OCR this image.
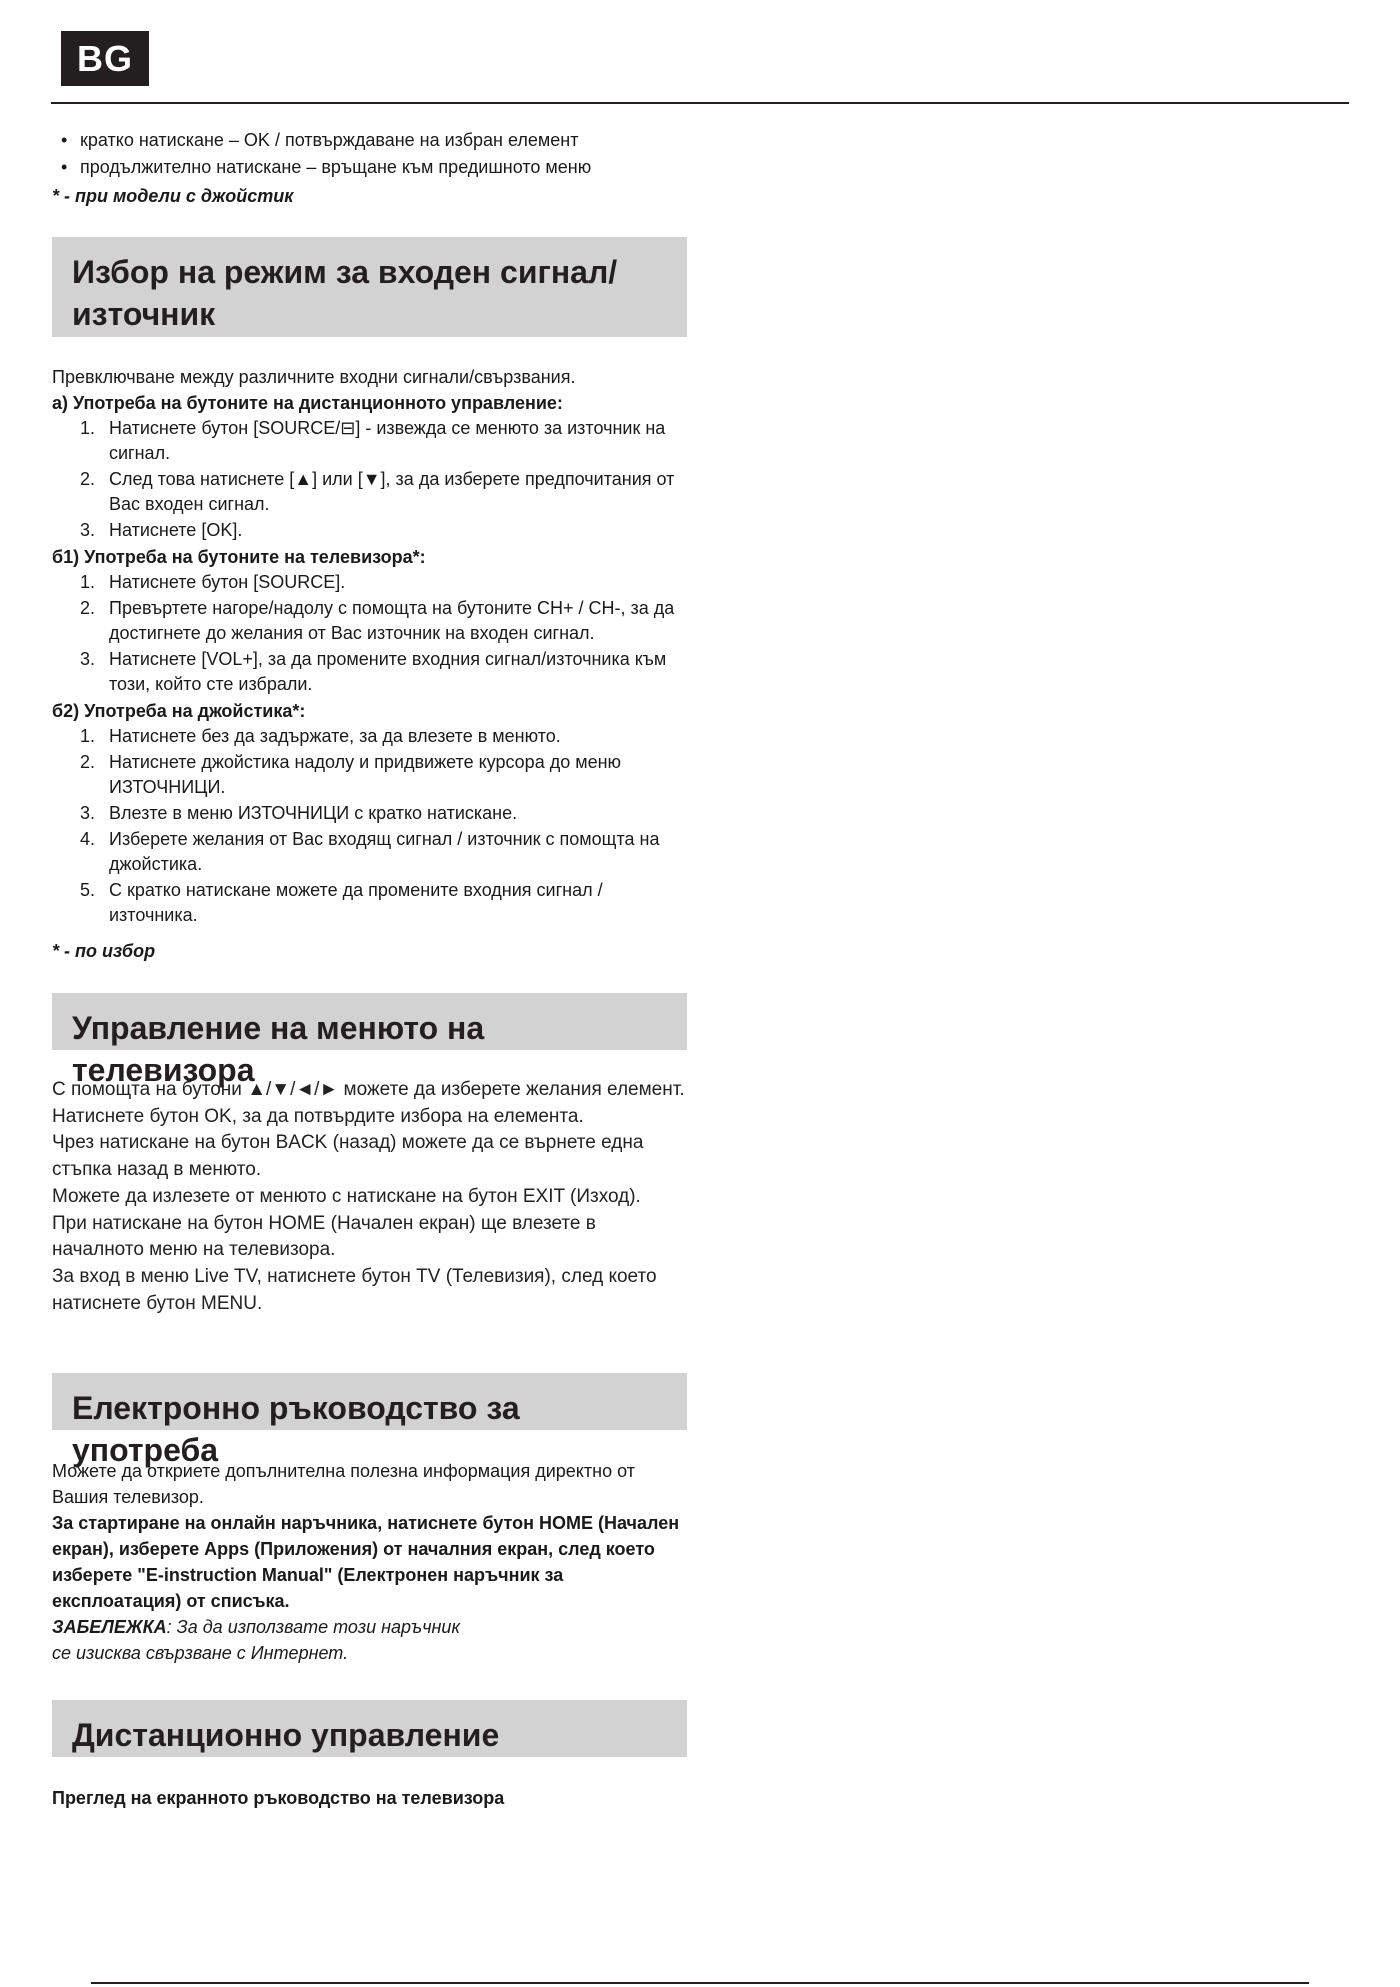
BG
• кратко натискане – OK / потвърждаване на избран елемент
• продължително натискане – връщане към предишното меню
* - при модели с джойстик
Избор на режим за входен сигнал/
източник
Превключване между различните входни сигнали/свързвания.
а) Употреба на бутоните на дистанционното управление:
1. Натиснете бутон [SOURCE/⊟] - извежда се менюто за източник на сигнал.
2. След това натиснете [▲] или [▼], за да изберете предпочитания от Вас входен сигнал.
3. Натиснете [OK].
б1) Употреба на бутоните на телевизора*:
1. Натиснете бутон [SOURCE].
2. Превъртете нагоре/надолу с помощта на бутоните CH+ / CH-, за да достигнете до желания от Вас източник на входен сигнал.
3. Натиснете [VOL+], за да промените входния сигнал/източника към този, който сте избрали.
б2) Употреба на джойстика*:
1. Натиснете без да задържате, за да влезете в менюто.
2. Натиснете джойстика надолу и придвижете курсора до меню ИЗТОЧНИЦИ.
3. Влезте в меню ИЗТОЧНИЦИ с кратко натискане.
4. Изберете желания от Вас входящ сигнал / източник с помощта на джойстика.
5. С кратко натискане можете да промените входния сигнал / източника.
* - по избор
Управление на менюто на телевизора
С помощта на бутони ▲/▼/◄/► можете да изберете желания елемент.
Натиснете бутон OK, за да потвърдите избора на елемента.
Чрез натискане на бутон BACK (назад) можете да се върнете една стъпка назад в менюто.
Можете да излезете от менюто с натискане на бутон EXIT (Изход).
При натискане на бутон HOME (Начален екран) ще влезете в началното меню на телевизора.
За вход в меню Live TV, натиснете бутон TV (Телевизия), след което натиснете бутон MENU.
Електронно ръководство за употреба
Можете да откриете допълнителна полезна информация директно от Вашия телевизор.
За стартиране на онлайн наръчника, натиснете бутон HOME (Начален екран), изберете Apps (Приложения) от началния екран, след което изберете "E-instruction Manual" (Електронен наръчник за експлоатация) от списъка.
ЗАБЕЛЕЖКА: За да използвате този наръчник
се изисква свързване с Интернет.
Дистанционно управление
Преглед на екранното ръководство на телевизора
